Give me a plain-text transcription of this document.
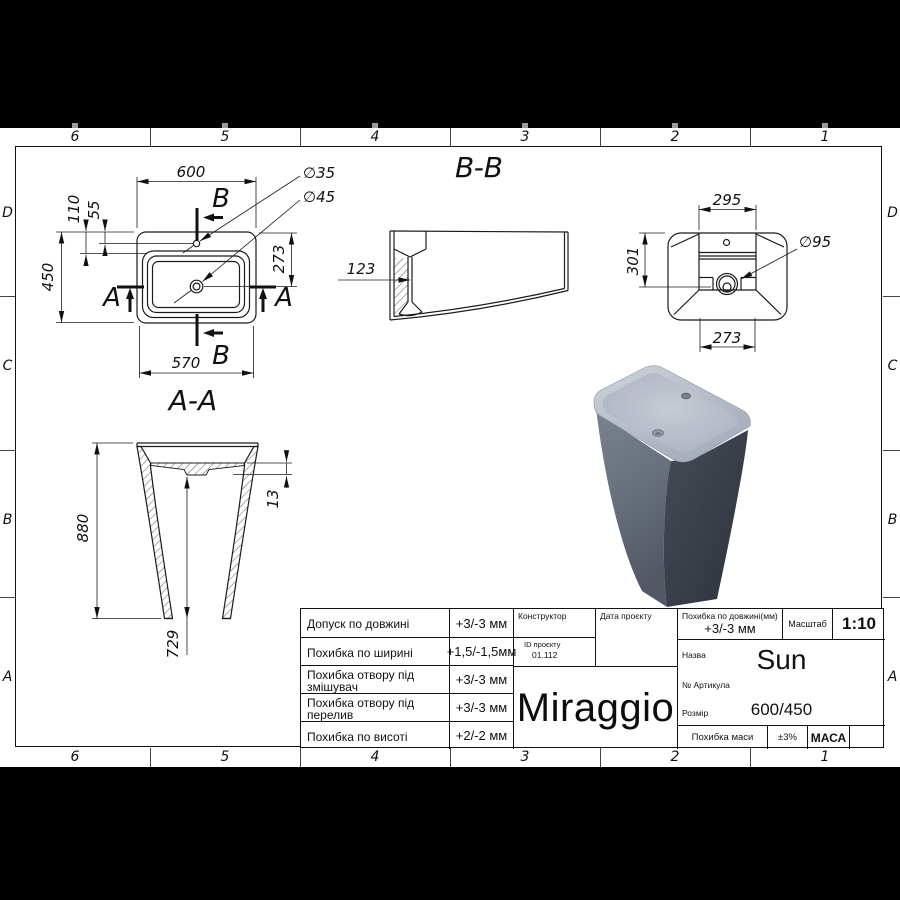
6	5	4	3	2	1
6	5	4	3	2	1
D
C
B
A
D
C
B
A
600
570
450
110 55
273
∅35
∅45
B
B
A	A
A-A
123
B-B
295
301
273
∅95
880
13
729
Допуск по довжині	+3/-3 мм
Похибка по ширині	+1,5/-1,5мм
Похибка отвору під змішувач	+3/-3 мм
Похибка отвору під перелив	+3/-3 мм
Похибка по висоті	+2/-2 мм
Конструктор
ID проєкту
01.112
Дата проєкту
Miraggio
Похибка по довжині(мм)
+3/-3 мм	Масштаб 1:10
Назва	Sun
№ Артикула
Розмір	600/450
Похибка маси	±3%	МАСА
